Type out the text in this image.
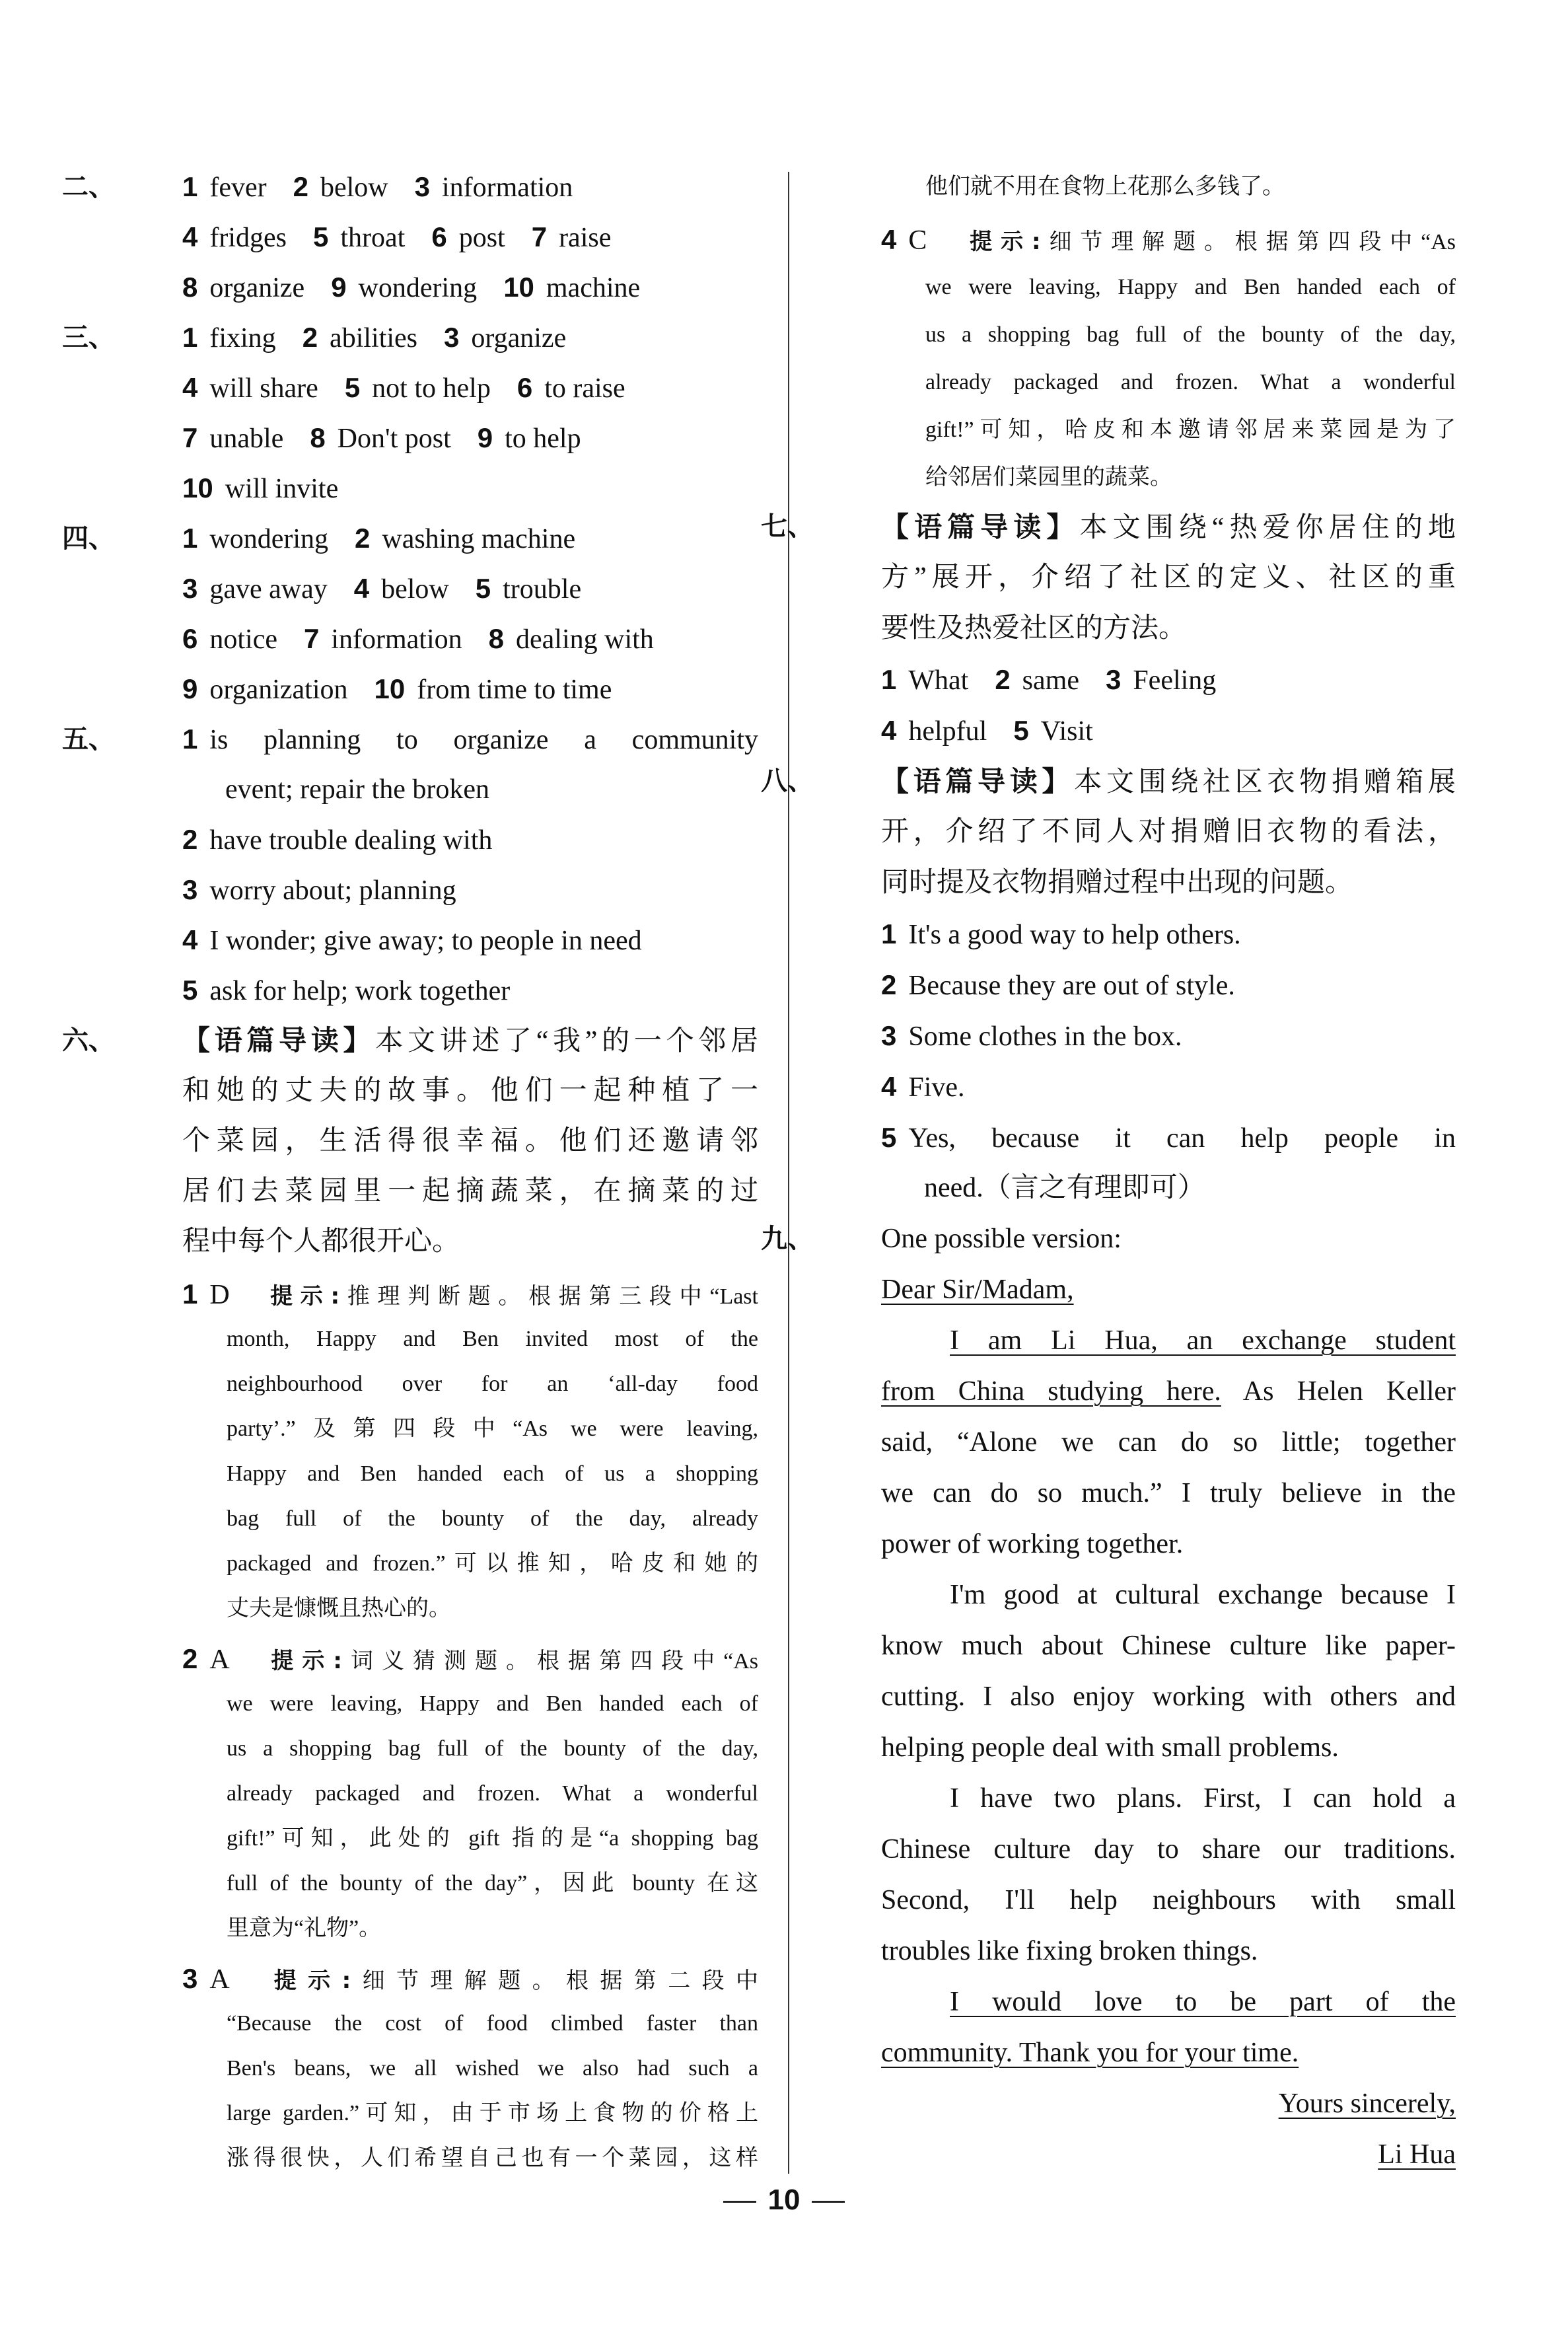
二、 1 fever 2 below 3 information
4 fridges 5 throat 6 post 7 raise
8 organize 9 wondering 10 machine
三、 1 fixing 2 abilities 3 organize
4 will share 5 not to help 6 to raise
7 unable 8 Don't post 9 to help
10 will invite
四、 1 wondering 2 washing machine
3 gave away 4 below 5 trouble
6 notice 7 information 8 dealing with
9 organization 10 from time to time
五、 1 is planning to organize a community
event; repair the broken
2 have trouble dealing with
3 worry about; planning
4 I wonder; give away; to people in need
5 ask for help; work together
六、 【语篇导读】本文讲述了“我”的一个邻居
和她的丈夫的故事。他们一起种植了一
个菜园，生活得很幸福。他们还邀请邻
居们去菜园里一起摘蔬菜，在摘菜的过
程中每个人都很开心。
1 D 提示:推理判断题。根据第三段中“Last
month, Happy and Ben invited most of the
neighbourhood over for an ‘all-day food
party’.”及第四段中“As we were leaving,
Happy and Ben handed each of us a shopping
bag full of the bounty of the day, already
packaged and frozen.”可以推知，哈皮和她的
丈夫是慷慨且热心的。
2 A 提示:词义猜测题。根据第四段中“As
we were leaving, Happy and Ben handed each of
us a shopping bag full of the bounty of the day,
already packaged and frozen. What a wonderful
gift!”可知，此处的 gift 指的是“a shopping bag
full of the bounty of the day”，因此 bounty 在这
里意为“礼物”。
3 A 提示:细节理解题。根据第二段中
“Because the cost of food climbed faster than
Ben's beans, we all wished we also had such a
large garden.”可知，由于市场上食物的价格上
涨得很快，人们希望自己也有一个菜园，这样
他们就不用在食物上花那么多钱了。
4 C 提示:细节理解题。根据第四段中“As
we were leaving, Happy and Ben handed each of
us a shopping bag full of the bounty of the day,
already packaged and frozen. What a wonderful
gift!”可知，哈皮和本邀请邻居来菜园是为了
给邻居们菜园里的蔬菜。
七、 【语篇导读】本文围绕“热爱你居住的地
方”展开，介绍了社区的定义、社区的重
要性及热爱社区的方法。
1 What 2 same 3 Feeling
4 helpful 5 Visit
八、 【语篇导读】本文围绕社区衣物捐赠箱展
开，介绍了不同人对捐赠旧衣物的看法，
同时提及衣物捐赠过程中出现的问题。
1 It's a good way to help others.
2 Because they are out of style.
3 Some clothes in the box.
4 Five.
5 Yes, because it can help people in
need.（言之有理即可）
九、 One possible version:
Dear Sir/Madam,
I am Li Hua, an exchange student
from China studying here. As Helen Keller
said, “Alone we can do so little; together
we can do so much.” I truly believe in the
power of working together.
I'm good at cultural exchange because I
know much about Chinese culture like paper-
cutting. I also enjoy working with others and
helping people deal with small problems.
I have two plans. First, I can hold a
Chinese culture day to share our traditions.
Second, I'll help neighbours with small
troubles like fixing broken things.
I would love to be part of the
community. Thank you for your time.
Yours sincerely,
Li Hua
10
